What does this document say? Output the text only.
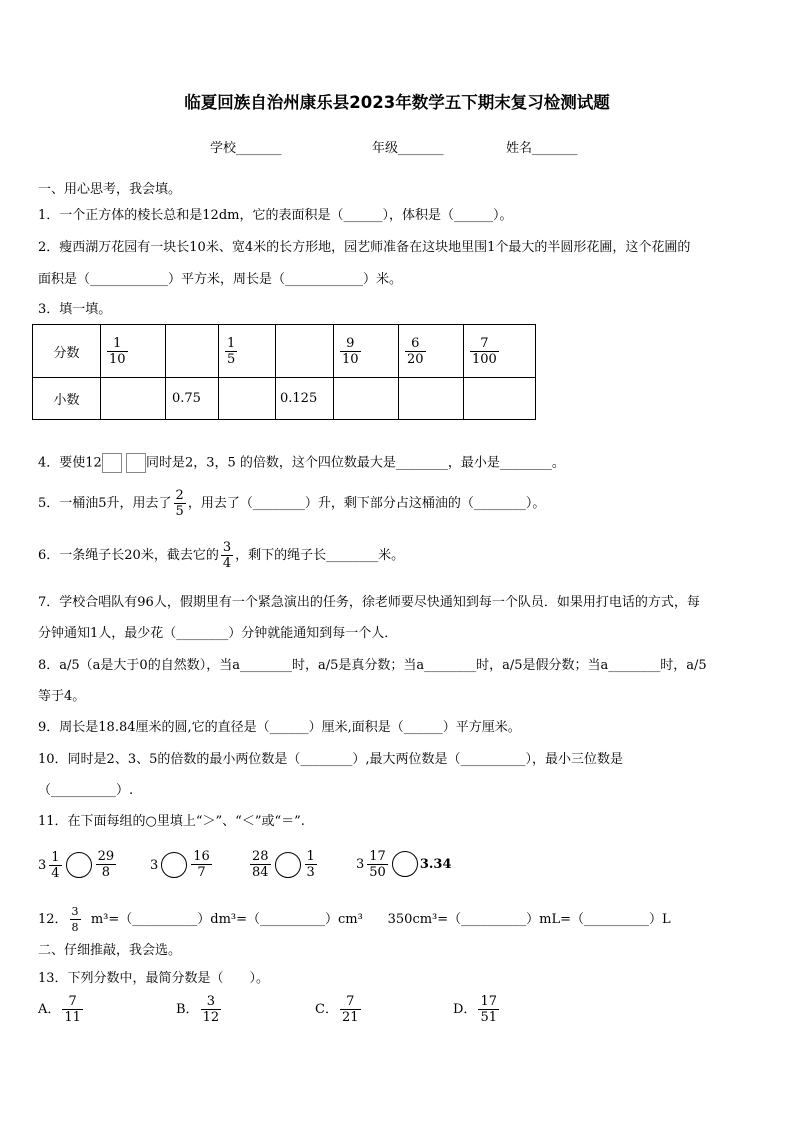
临夏回族自治州康乐县2023年数学五下期末复习检测试题
学校_______	年级_______	姓名_______
一、用心思考，我会填。
1．一个正方体的棱长总和是12dm，它的表面积是（______），体积是（______）。
2．瘦西湖万花园有一块长10米、宽4米的长方形地，园艺师准备在这块地里围1个最大的半圆形花圃，这个花圃的
面积是（____________）平方米，周长是（____________）米。
3．填一填。
分数	$\frac{1}{10}$		$\frac{1}{5}$		$\frac{9}{10}$	$\frac{6}{20}$	$\frac{7}{100}$

小数		0.75		0.125			
4．要使12	同时是2，3，5 的倍数，这个四位数最大是________，最小是________。
5．一桶油5升，用去了 $\frac{2}{5}$ ，用去了（________）升，剩下部分占这桶油的（________）。
6．一条绳子长20米，截去它的 $\frac{3}{4}$ ，剩下的绳子长________米。
7．学校合唱队有96人，假期里有一个紧急演出的任务，徐老师要尽快通知到每一个队员．如果用打电话的方式，每
分钟通知1人，最少花（________）分钟就能通知到每一个人．
8．a/5（a是大于0的自然数），当a________时，a/5是真分数；当a________时，a/5是假分数；当a________时，a/5
等于4。
9．周长是18.84厘米的圆,它的直径是（______）厘米,面积是（______）平方厘米。
10．同时是2、3、5的倍数的最小两位数是（________）,最大两位数是（__________），最小三位数是
（__________）.
11．在下面每组的○里填上“＞”、“＜”或“＝”.
$3 \frac{1}{4}$	$\frac{29}{8}$	3	$\frac{16}{7}$	$\frac{28}{84}$	$\frac{1}{3}$	$3 \frac{17}{50} 3.34$
12． $\frac{3}{8}$ m³=（__________）dm³=（__________）cm³ 350cm³=（__________）mL=（__________）L
二、仔细推敲，我会选。
13．下列分数中，最简分数是（　　）。
A． $\frac{7}{11}$	B． $\frac{3}{12}$	C． $\frac{7}{21}$	D． $\frac{17}{51}$
